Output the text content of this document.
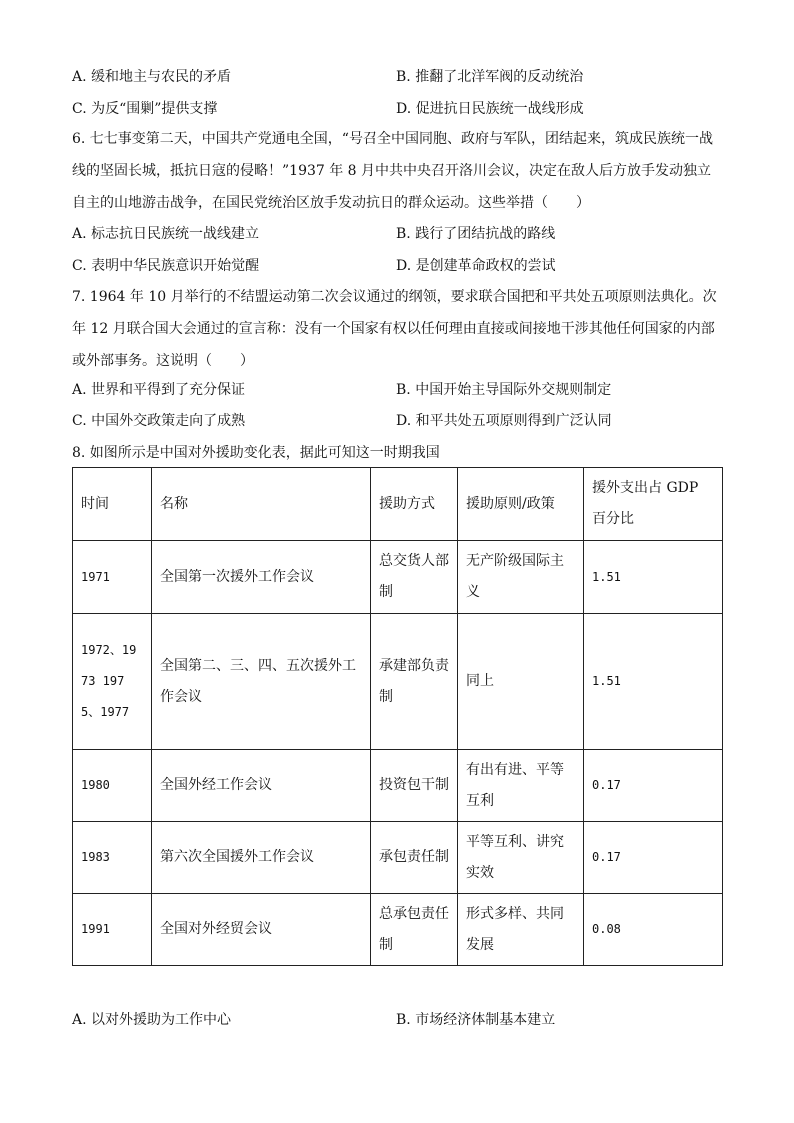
A. 缓和地主与农民的矛盾	B. 推翻了北洋军阀的反动统治
C. 为反“围剿”提供支撑	D. 促进抗日民族统一战线形成
6. 七七事变第二天，中国共产党通电全国，“号召全中国同胞、政府与军队，团结起来，筑成民族统一战线的坚固长城，抵抗日寇的侵略！”1937 年 8 月中共中央召开洛川会议，决定在敌人后方放手发动独立自主的山地游击战争，在国民党统治区放手发动抗日的群众运动。这些举措（　　）
A. 标志抗日民族统一战线建立	B. 践行了团结抗战的路线
C. 表明中华民族意识开始觉醒	D. 是创建革命政权的尝试
7. 1964 年 10 月举行的不结盟运动第二次会议通过的纲领，要求联合国把和平共处五项原则法典化。次年 12 月联合国大会通过的宣言称：没有一个国家有权以任何理由直接或间接地干涉其他任何国家的内部或外部事务。这说明（　　）
A. 世界和平得到了充分保证	B. 中国开始主导国际外交规则制定
C. 中国外交政策走向了成熟	D. 和平共处五项原则得到广泛认同
8. 如图所示是中国对外援助变化表，据此可知这一时期我国
时间	名称	援助方式	援助原则/政策	援外支出占 GDP 百分比
1971	全国第一次援外工作会议	总交货人部制	无产阶级国际主义	1.51
1972、1973 1975、1977	全国第二、三、四、五次援外工作会议	承建部负责制	同上	1.51
1980	全国外经工作会议	投资包干制	有出有进、平等互利	0.17
1983	第六次全国援外工作会议	承包责任制	平等互利、讲究实效	0.17
1991	全国对外经贸会议	总承包责任制	形式多样、共同发展	0.08
A. 以对外援助为工作中心	B. 市场经济体制基本建立
